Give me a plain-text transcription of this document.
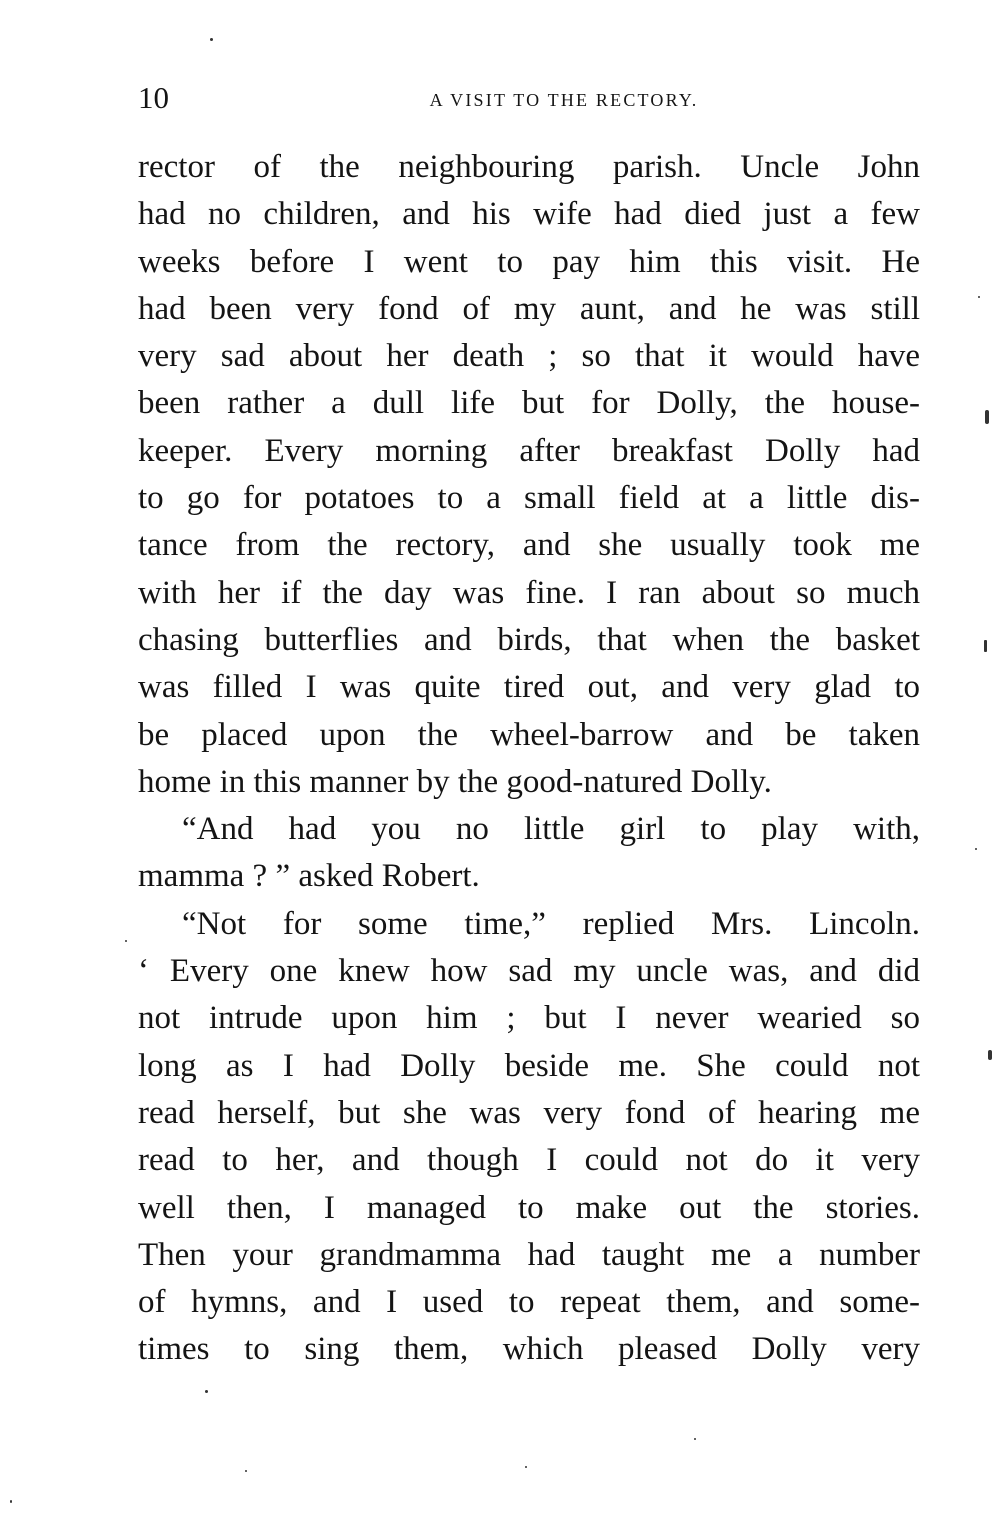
10	A VISIT TO THE RECTORY.
rector of the neighbouring parish. Uncle John
had no children, and his wife had died just a few
weeks before I went to pay him this visit. He
had been very fond of my aunt, and he was still
very sad about her death ; so that it would have
been rather a dull life but for Dolly, the house-
keeper. Every morning after breakfast Dolly had
to go for potatoes to a small field at a little dis-
tance from the rectory, and she usually took me
with her if the day was fine. I ran about so much
chasing butterflies and birds, that when the basket
was filled I was quite tired out, and very glad to
be placed upon the wheel-barrow and be taken
home in this manner by the good-natured Dolly.
“And had you no little girl to play with,
mamma ? ” asked Robert.
“Not for some time,” replied Mrs. Lincoln.
‘ Every one knew how sad my uncle was, and did
not intrude upon him ; but I never wearied so
long as I had Dolly beside me. She could not
read herself, but she was very fond of hearing me
read to her, and though I could not do it very
well then, I managed to make out the stories.
Then your grandmamma had taught me a number
of hymns, and I used to repeat them, and some-
times to sing them, which pleased Dolly very
